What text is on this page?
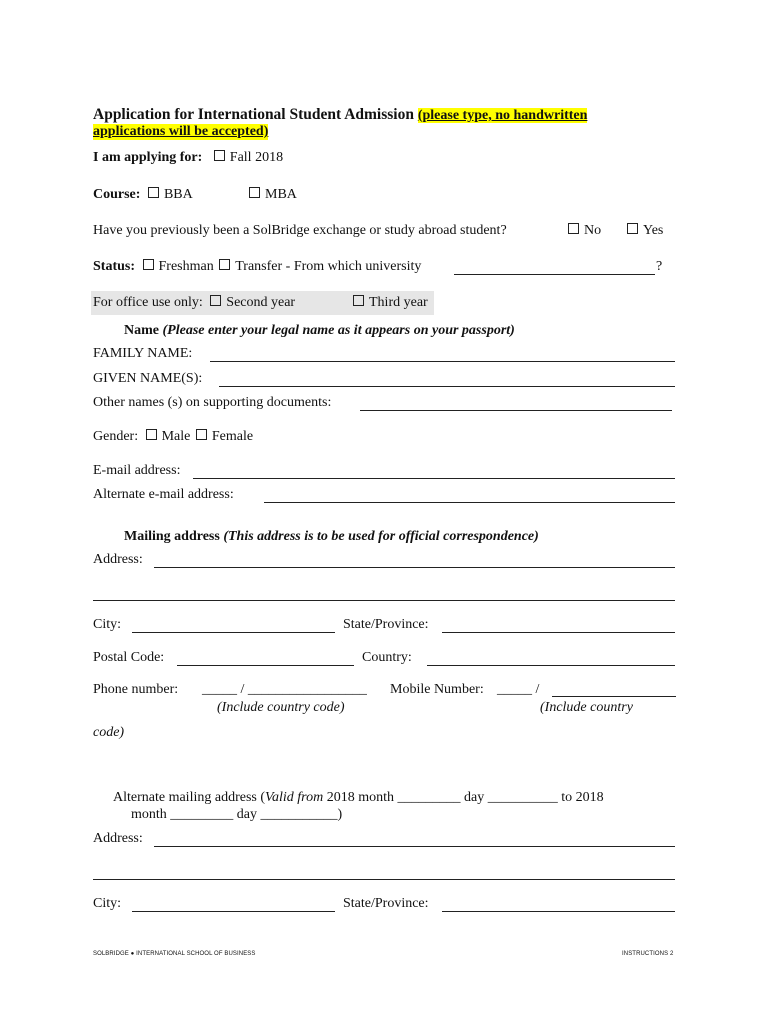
Application for International Student Admission (please type, no handwritten
applications will be accepted)
I am applying for: Fall 2018
Course: BBA	MBA
Have you previously been a SolBridge exchange or study abroad student?	No	Yes
Status: Freshman Transfer - From which university	?
For office use only: Second year	Third year
Name (Please enter your legal name as it appears on your passport)
FAMILY NAME:
GIVEN NAME(S):
Other names (s) on supporting documents:
Gender: Male Female
E-mail address:
Alternate e-mail address:
Mailing address (This address is to be used for official correspondence)
Address:
City:	State/Province:
Postal Code:	Country:
Phone number: _____ / _________________ Mobile Number: _____ /
(Include country code)	(Include country
code)
Alternate mailing address (Valid from 2018 month _________ day __________ to 2018
month _________ day ___________)
Address:
City:	State/Province:
SOLBRIDGE ● INTERNATIONAL SCHOOL OF BUSINESS	INSTRUCTIONS 2
